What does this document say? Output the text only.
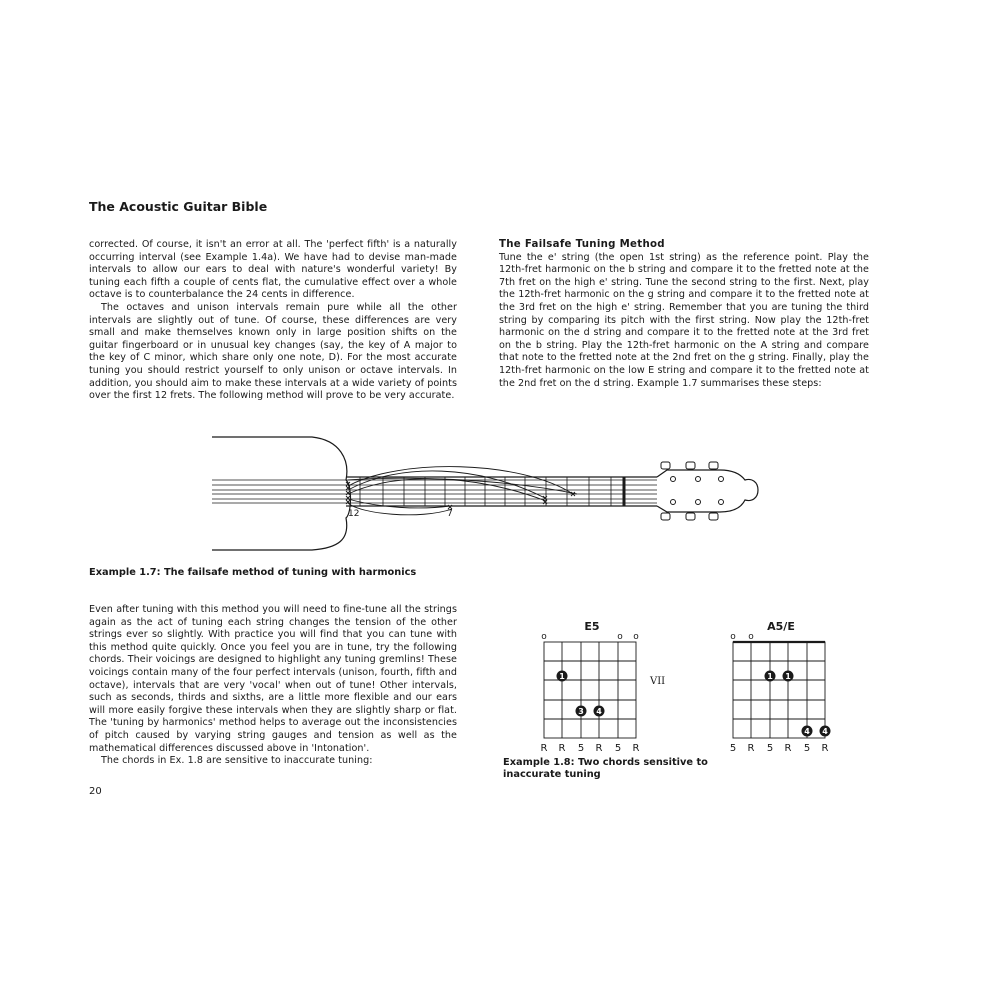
The Acoustic Guitar Bible

corrected. Of course, it isn't an error at all. The 'perfect fifth' is a naturally occurring interval (see Example 1.4a). We have had to devise man-made intervals to allow our ears to deal with nature's wonderful variety! By tuning each fifth a couple of cents flat, the cumulative effect over a whole octave is to counterbalance the 24 cents in difference.

The octaves and unison intervals remain pure while all the other intervals are slightly out of tune. Of course, these differences are very small and make themselves known only in large position shifts on the guitar fingerboard or in unusual key changes (say, the key of A major to the key of C minor, which share only one note, D). For the most accurate tuning you should restrict yourself to only unison or octave intervals. In addition, you should aim to make these intervals at a wide variety of points over the first 12 frets. The following method will prove to be very accurate.

The Failsafe Tuning Method

Tune the e' string (the open 1st string) as the reference point. Play the 12th-fret harmonic on the b string and compare it to the fretted note at the 7th fret on the high e' string. Tune the second string to the first. Next, play the 12th-fret harmonic on the g string and compare it to the fretted note at the 3rd fret on the high e' string. Remember that you are tuning the third string by comparing its pitch with the first string. Now play the 12th-fret harmonic on the d string and compare it to the fretted note at the 3rd fret on the b string. Play the 12th-fret harmonic on the A string and compare that note to the fretted note at the 2nd fret on the g string. Finally, play the 12th-fret harmonic on the low E string and compare it to the fretted note at the 2nd fret on the d string. Example 1.7 summarises these steps:

12	7
Example 1.7: The failsafe method of tuning with harmonics

Even after tuning with this method you will need to fine-tune all the strings again as the act of tuning each string changes the tension of the other strings ever so slightly. With practice you will find that you can tune with this method quite quickly. Once you feel you are in tune, try the following chords. Their voicings are designed to highlight any tuning gremlins! These voicings contain many of the four perfect intervals (unison, fourth, fifth and octave), intervals that are very 'vocal' when out of tune! Other intervals, such as seconds, thirds and sixths, are a little more flexible and our ears will more easily forgive these intervals when they are slightly sharp or flat. The 'tuning by harmonics' method helps to average out the inconsistencies of pitch caused by varying string gauges and tension as well as the mathematical differences discussed above in 'Intonation'.

The chords in Ex. 1.8 are sensitive to inaccurate tuning:

E5
o	o o
VII
1
3 4
R R 5 R 5 R
A5/E
o o
1 1
4 4
5 R 5 R 5 R
Example 1.8: Two chords sensitive to inaccurate tuning
20
